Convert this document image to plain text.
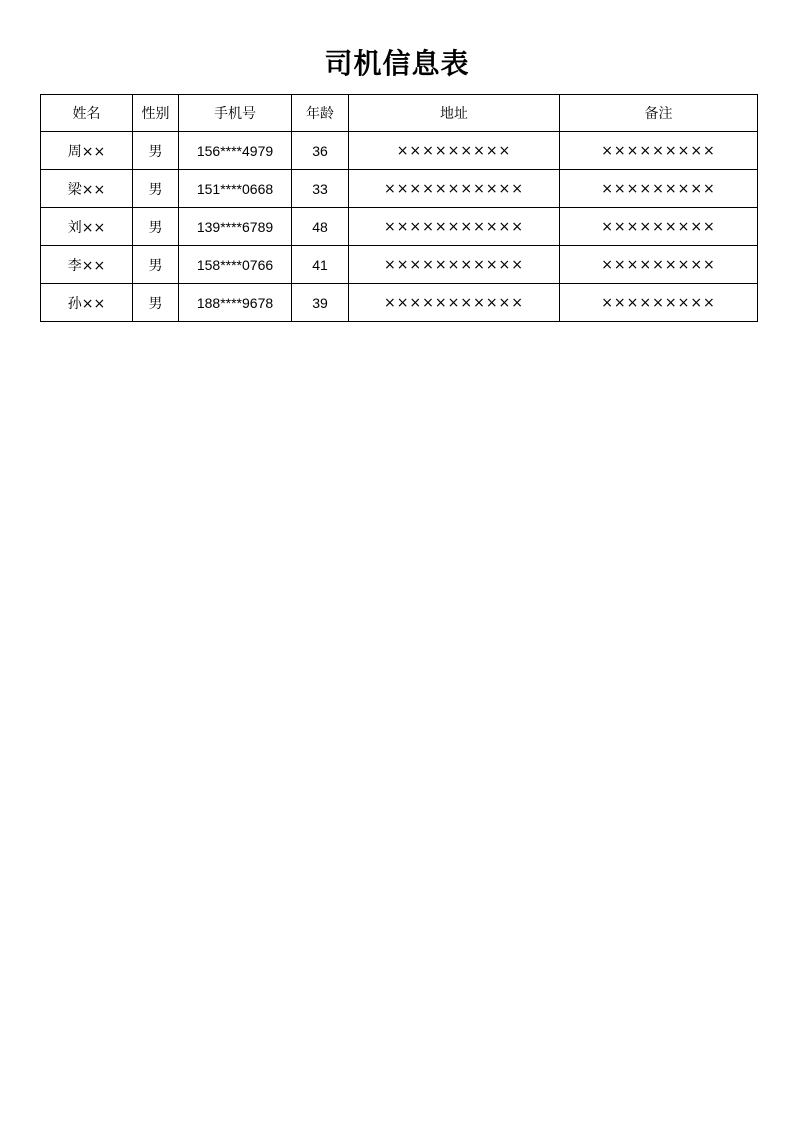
司机信息表
姓名	性别	手机号	年龄	地址	备注
周××	男	156****4979	36	×××××××××	×××××××××
梁××	男	151****0668	33	×××××××××××	×××××××××
刘××	男	139****6789	48	×××××××××××	×××××××××
李××	男	158****0766	41	×××××××××××	×××××××××
孙××	男	188****9678	39	×××××××××××	×××××××××
